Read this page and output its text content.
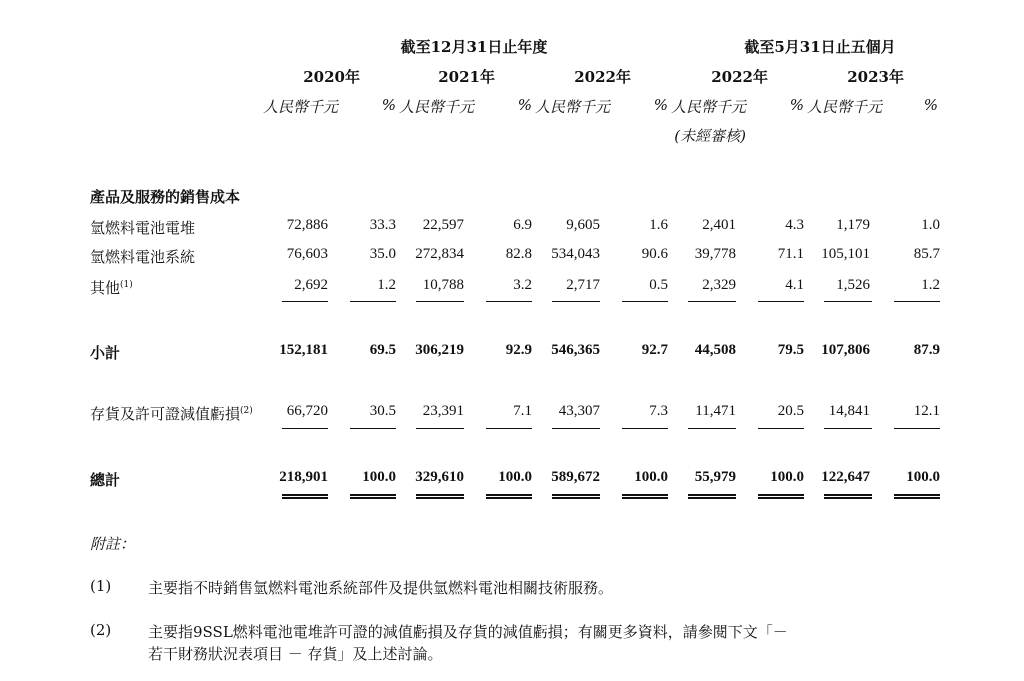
截至12月31日止年度	截至5月31日止五個月
2020年	2021年	2022年	2022年	2023年
人民幣千元	% 人民幣千元	% 人民幣千元	% 人民幣千元	% 人民幣千元	%
(未經審核)
產品及服務的銷售成本
氫燃料電池電堆	72,886	33.3	22,597	6.9	9,605	1.6	2,401	4.3	1,179	1.0
氫燃料電池系統	76,603	35.0	272,834	82.8	534,043	90.6	39,778	71.1	105,101	85.7
其他$^{(1)}$	2,692	1.2	10,788	3.2	2,717	0.5	2,329	4.1	1,526	1.2
小計	152,181	69.5	306,219	92.9	546,365	92.7	44,508	79.5	107,806	87.9
存貨及許可證減值虧損$^{(2)}$	66,720	30.5	23,391	7.1	43,307	7.3	11,471	20.5	14,841	12.1
總計	218,901	100.0	329,610	100.0	589,672	100.0	55,979	100.0	122,647	100.0
附註：
(1) 主要指不時銷售氫燃料電池系統部件及提供氫燃料電池相關技術服務。
(2) 主要指9SSL燃料電池電堆許可證的減值虧損及存貨的減值虧損；有關更多資料，請參閱下文「－
若干財務狀況表項目 － 存貨」及上述討論。
